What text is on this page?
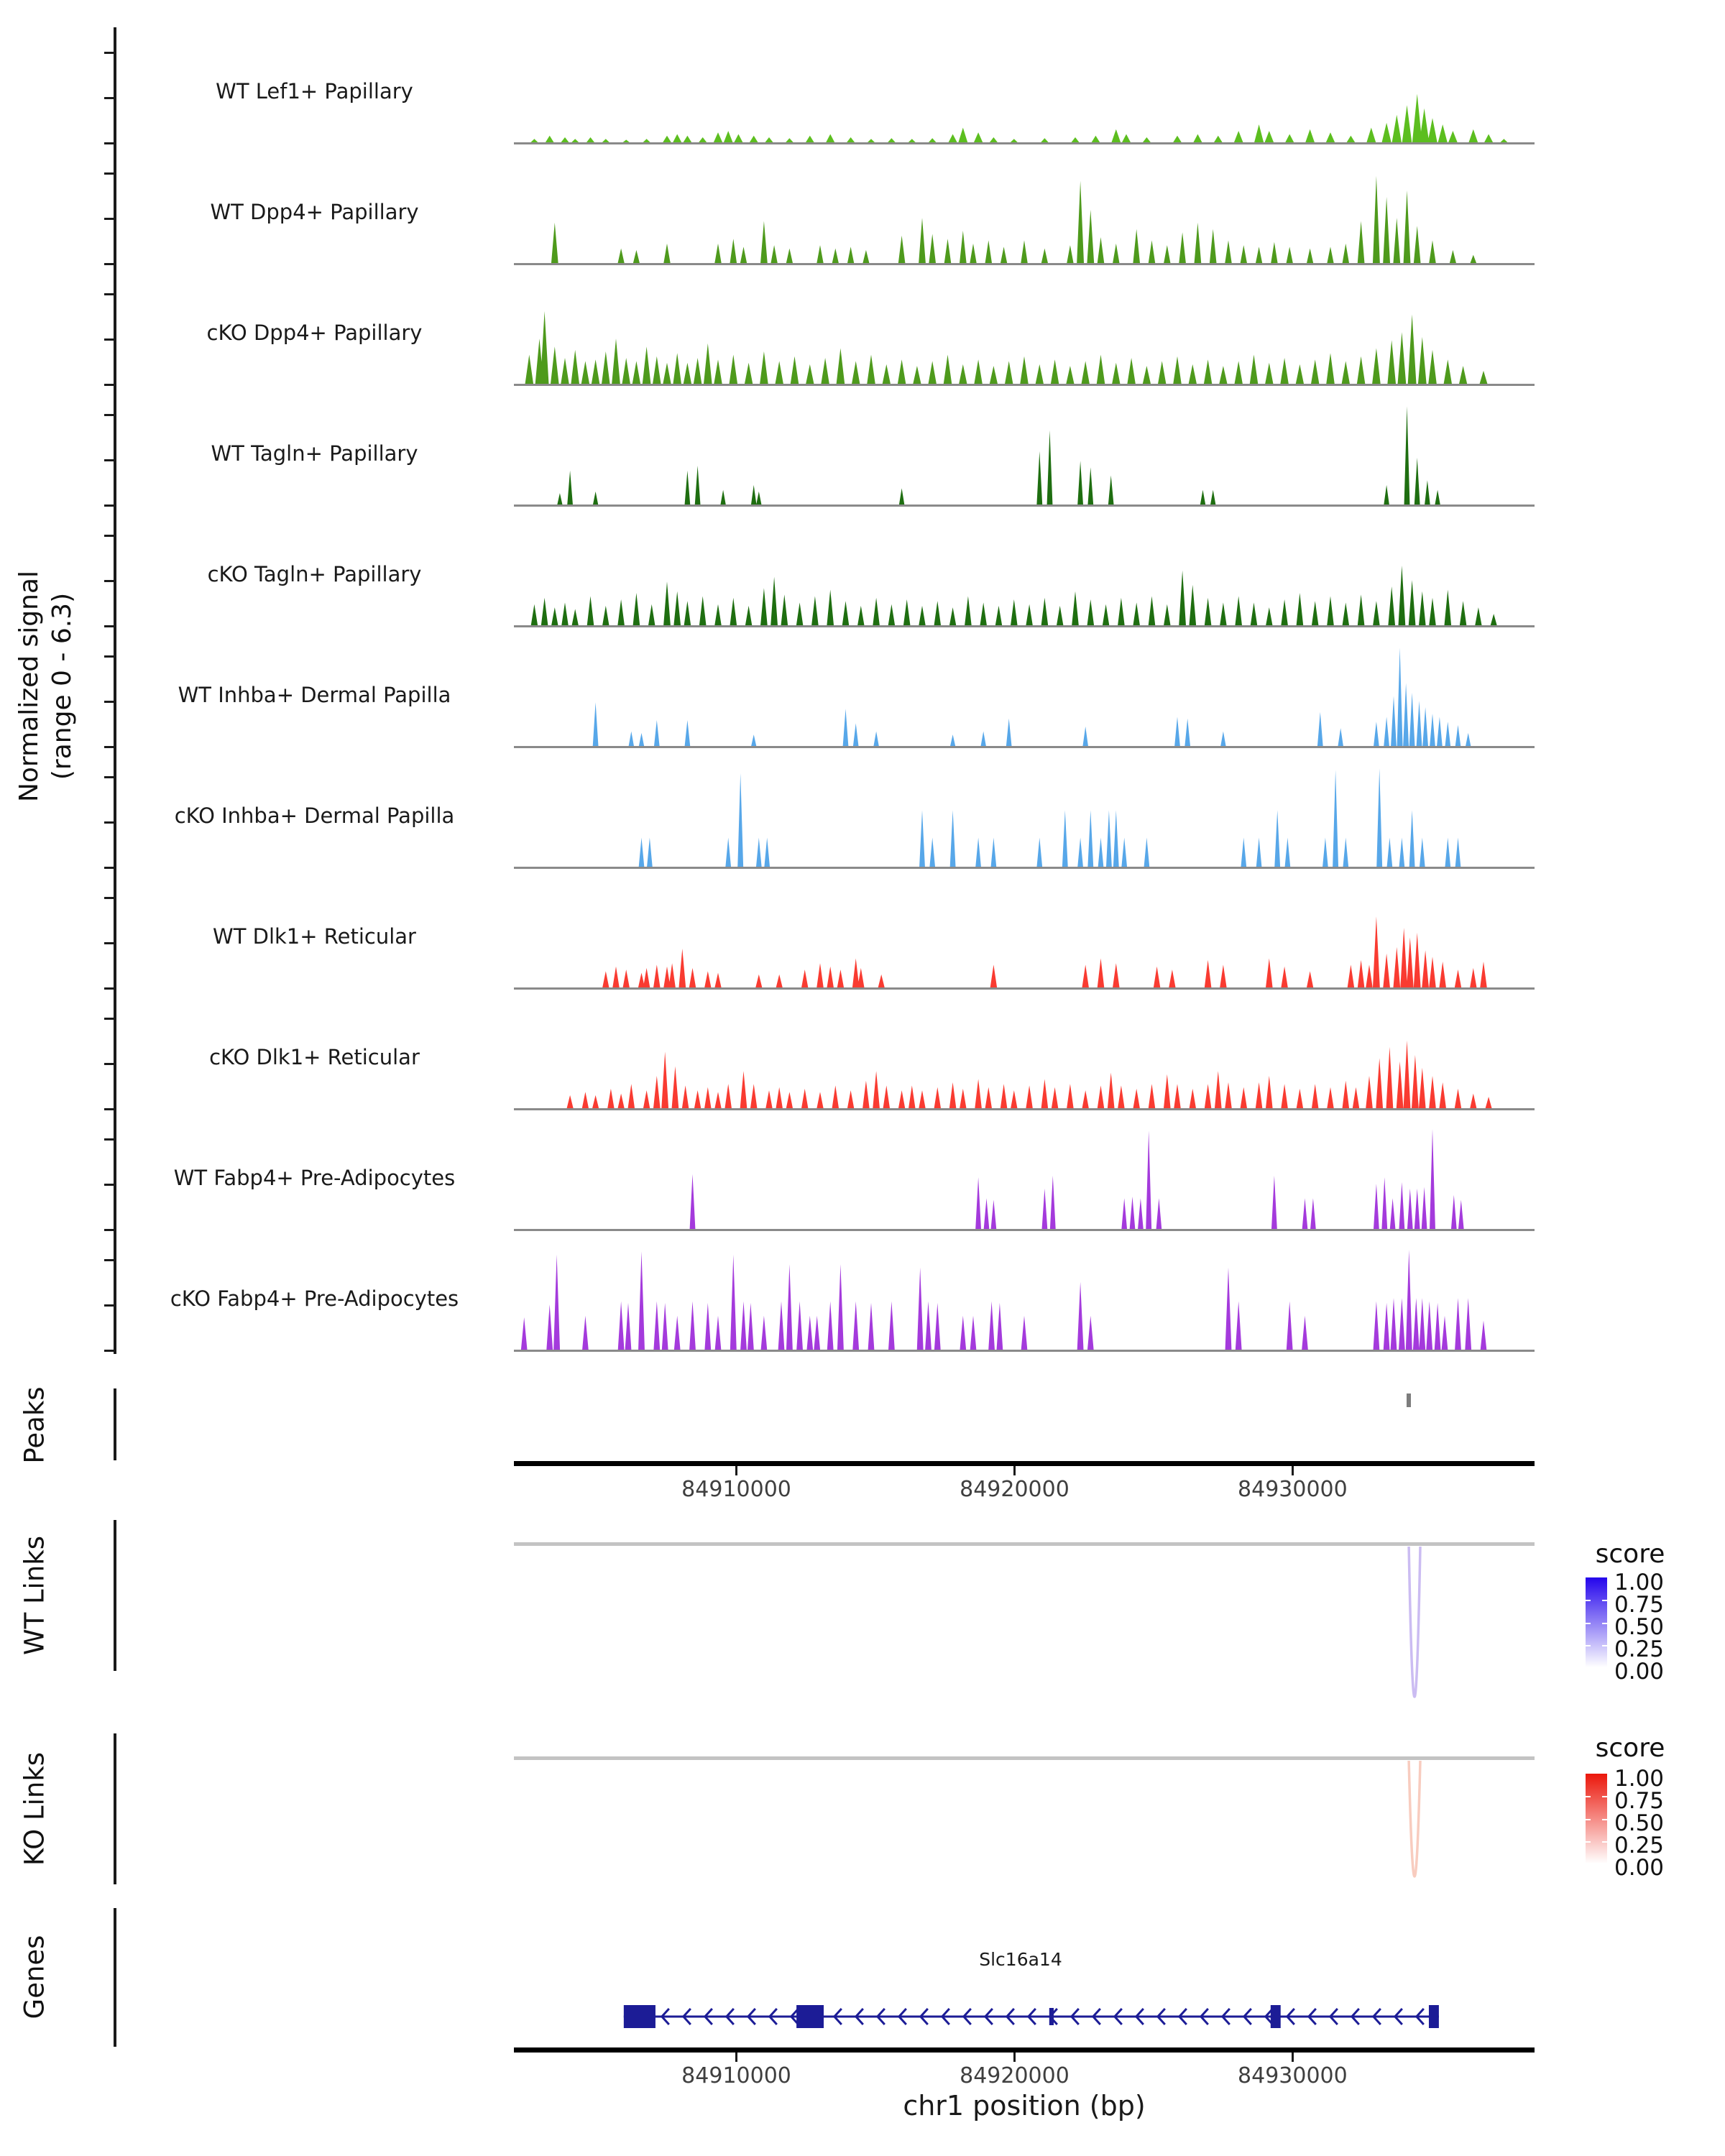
Normalized signal (range 0 - 6.3)
WT Lef1+ Papillary
WT Dpp4+ Papillary
cKO Dpp4+ Papillary
WT Tagln+ Papillary
cKO Tagln+ Papillary
WT Inhba+ Dermal Papilla
cKO Inhba+ Dermal Papilla
WT Dlk1+ Reticular
cKO Dlk1+ Reticular
WT Fabp4+ Pre-Adipocytes
cKO Fabp4+ Pre-Adipocytes
Peaks
84910000	84920000	84930000
WT Links	score
1.00
0.75
0.50
0.25
0.00
KO Links
score
1.00
0.75
0.50
0.25
0.00
Genes	Slc16a14
84910000	84920000	84930000
chr1 position (bp)
